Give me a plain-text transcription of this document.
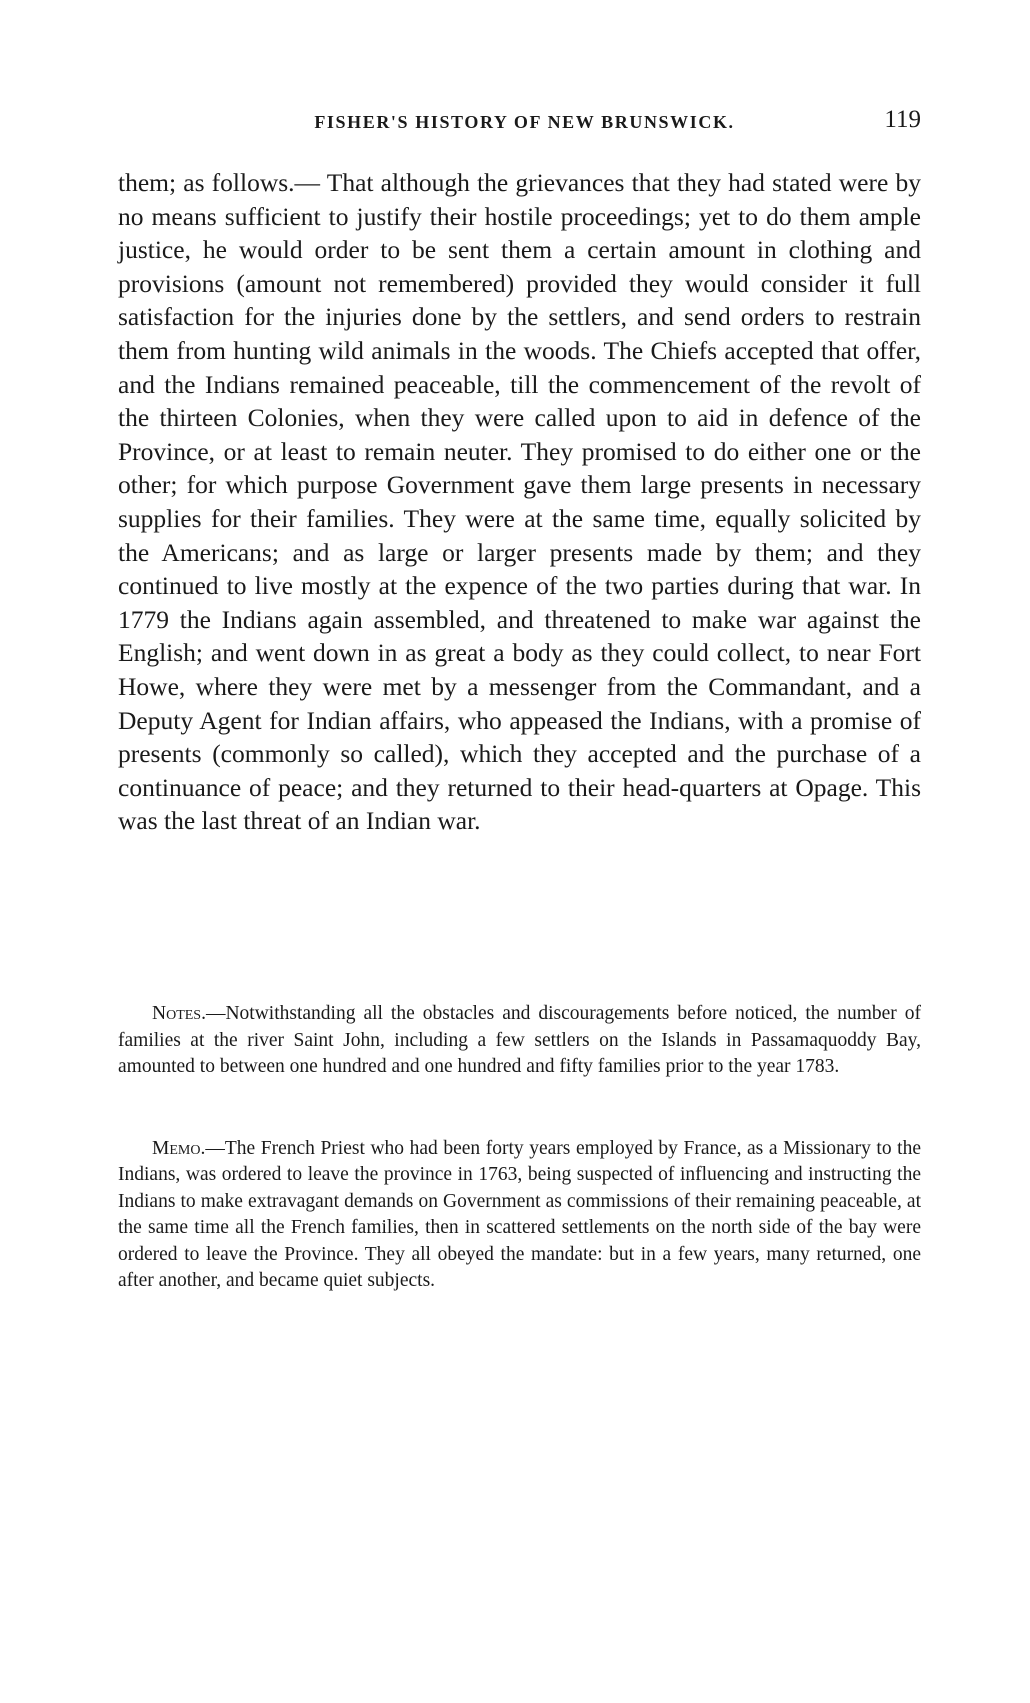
FISHER'S HISTORY OF NEW BRUNSWICK.	119

them; as follows.— That although the grievances that they had stated were by no means sufficient to justify their hostile proceedings; yet to do them ample justice, he would order to be sent them a certain amount in clothing and provisions (amount not remembered) provided they would consider it full satisfaction for the injuries done by the settlers, and send orders to restrain them from hunting wild animals in the woods. The Chiefs accepted that offer, and the Indians remained peaceable, till the commencement of the revolt of the thirteen Colonies, when they were called upon to aid in defence of the Province, or at least to remain neuter. They promised to do either one or the other; for which purpose Government gave them large presents in necessary supplies for their families. They were at the same time, equally solicited by the Americans; and as large or larger presents made by them; and they continued to live mostly at the expence of the two parties during that war. In 1779 the Indians again assembled, and threatened to make war against the English; and went down in as great a body as they could collect, to near Fort Howe, where they were met by a messenger from the Commandant, and a Deputy Agent for Indian affairs, who appeased the Indians, with a promise of presents (commonly so called), which they accepted and the purchase of a continuance of peace; and they returned to their head-quarters at Opage. This was the last threat of an Indian war.

Notes.—Notwithstanding all the obstacles and discouragements before noticed, the number of families at the river Saint John, including a few settlers on the Islands in Passamaquoddy Bay, amounted to between one hundred and one hundred and fifty families prior to the year 1783.

Memo.—The French Priest who had been forty years employed by France, as a Missionary to the Indians, was ordered to leave the province in 1763, being suspected of influencing and instructing the Indians to make extravagant demands on Government as commissions of their remaining peaceable, at the same time all the French families, then in scattered settlements on the north side of the bay were ordered to leave the Province. They all obeyed the mandate: but in a few years, many returned, one after another, and became quiet subjects.
